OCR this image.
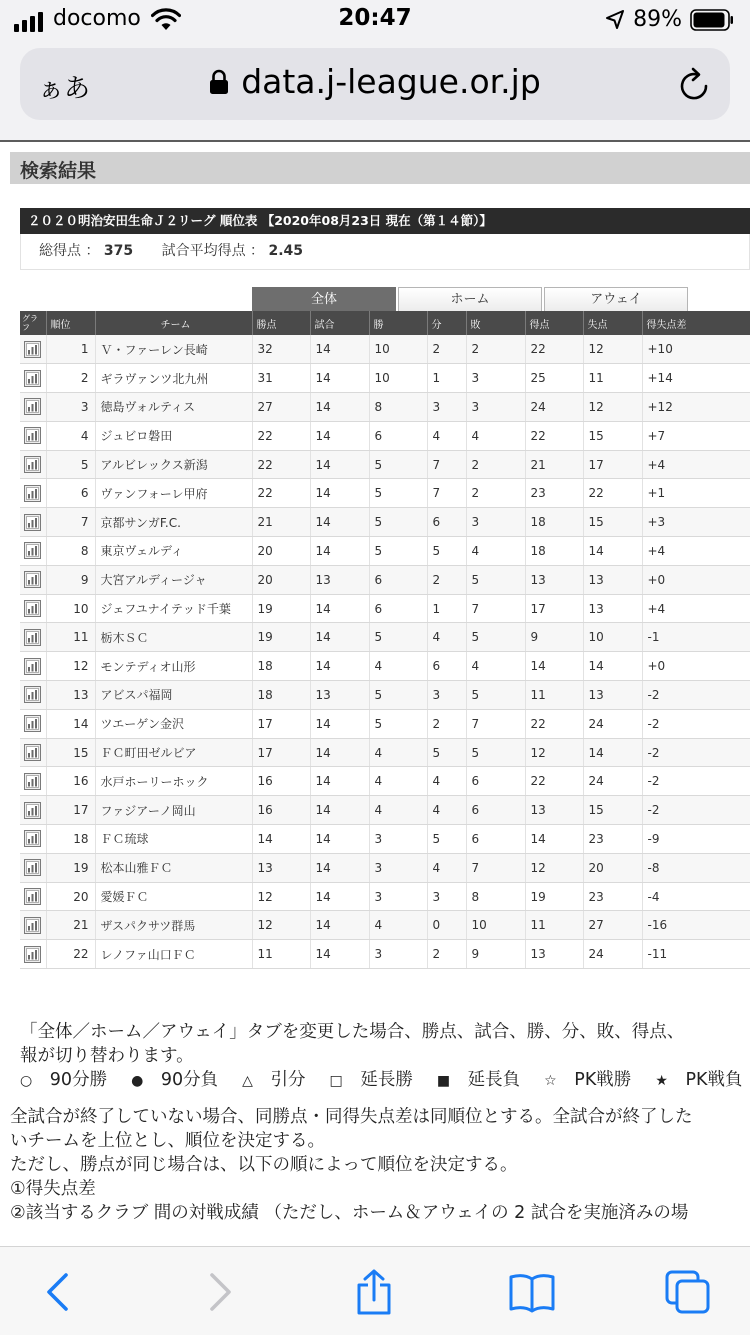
docomo	20:47	89%
ぁあ	data.j-league.or.jp
検索結果
２０２０明治安田生命Ｊ２リーグ 順位表 【2020年08月23日 現在（第１４節）】
総得点 ： 375 試合平均得点 ： 2.45
全体	ホーム	アウェイ
グラフ	順位	チーム	勝点	試合	勝	分	敗	得点	失点	得失点差

	1	Ｖ・ファーレン長崎	32	14	10	2	2	22	12	+10

	2	ギラヴァンツ北九州	31	14	10	1	3	25	11	+14

	3	徳島ヴォルティス	27	14	8	3	3	24	12	+12

	4	ジュビロ磐田	22	14	6	4	4	22	15	+7

	5	アルビレックス新潟	22	14	5	7	2	21	17	+4

	6	ヴァンフォーレ甲府	22	14	5	7	2	23	22	+1

	7	京都サンガF.C.	21	14	5	6	3	18	15	+3

	8	東京ヴェルディ	20	14	5	5	4	18	14	+4

	9	大宮アルディージャ	20	13	6	2	5	13	13	+0

	10	ジェフユナイテッド千葉	19	14	6	1	7	17	13	+4

	11	栃木ＳＣ	19	14	5	4	5	9	10	-1

	12	モンテディオ山形	18	14	4	6	4	14	14	+0

	13	アビスパ福岡	18	13	5	3	5	11	13	-2

	14	ツエーゲン金沢	17	14	5	2	7	22	24	-2

	15	ＦＣ町田ゼルビア	17	14	4	5	5	12	14	-2

	16	水戸ホーリーホック	16	14	4	4	6	22	24	-2

	17	ファジアーノ岡山	16	14	4	4	6	13	15	-2

	18	ＦＣ琉球	14	14	3	5	6	14	23	-9

	19	松本山雅ＦＣ	13	14	3	4	7	12	20	-8

	20	愛媛ＦＣ	12	14	3	3	8	19	23	-4

	21	ザスパクサツ群馬	12	14	4	0	10	11	27	-16

	22	レノファ山口ＦＣ	11	14	3	2	9	13	24	-11

「全体／ホーム／アウェイ」タブを変更した場合、勝点、試合、勝、分、敗、得点、

報が切り替わります。

○ 90分勝	● 90分負	△ 引分	□ 延長勝	■ 延長負	☆ PK戦勝	★ PK戦負

全試合が終了していない場合、同勝点・同得失点差は同順位とする。全試合が終了した
いチームを上位とし、順位を決定する。
ただし、勝点が同じ場合は、以下の順によって順位を決定する。
①得失点差
②該当するクラブ 間の対戦成績 （ただし、ホーム＆アウェイの 2 試合を実施済みの場
